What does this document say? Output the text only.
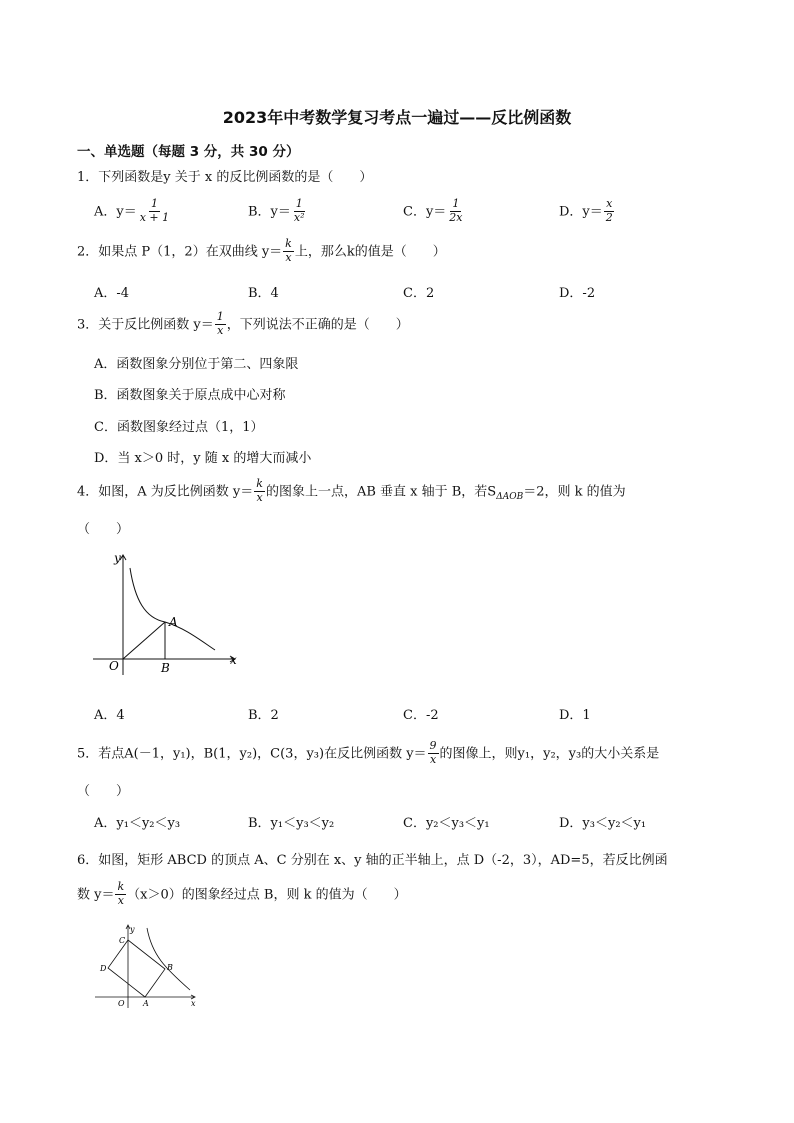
2023年中考数学复习考点一遍过——反比例函数
一、单选题（每题 3 分，共 30 分）
1．下列函数是y 关于 x 的反比例函数的是（　　）
A．$y= \frac{1}{x + 1}$	B．$y= \frac{1}{\text{x²}}$	C．$y= \frac{1}{2x}$	D．$y= \frac{x}{2}$
2．如果点 P（1，2）在双曲线 $y= \frac{k}{x}$ 上，那么k的值是（　　）
A．-4	B．4	C．2	D．-2
3．关于反比例函数 $y= \frac{1}{x}$ ，下列说法不正确的是（　　）
A．函数图象分别位于第二、四象限
B．函数图象关于原点成中心对称
C．函数图象经过点（1，1）
D．当 x＞0 时，y 随 x 的增大而减小
4．如图，A 为反比例函数 $y= \frac{k}{x}$ 的图象上一点，AB 垂直 x 轴于 B，若$S_{\Delta AOB}=2$，则 k 的值为
（　　）
y
x
O
A
B
A．4	B．2	C．-2	D．1
5．若点A(－1，y₁)，B(1，y₂)，C(3，y₃)在反比例函数 $y= \frac{9}{x}$ 的图像上，则y₁，y₂，y₃的大小关系是
（　　）
A．y₁＜y₂＜y₃	B．y₁＜y₃＜y₂	C．y₂＜y₃＜y₁	D．y₃＜y₂＜y₁
6．如图，矩形 ABCD 的顶点 A、C 分别在 x、y 轴的正半轴上，点 D（-2，3），AD=5，若反比例函
数 $y= \frac{k}{x} (x>0)$的图象经过点 B，则 k 的值为（　　）
y
x
O A
B
C
D
